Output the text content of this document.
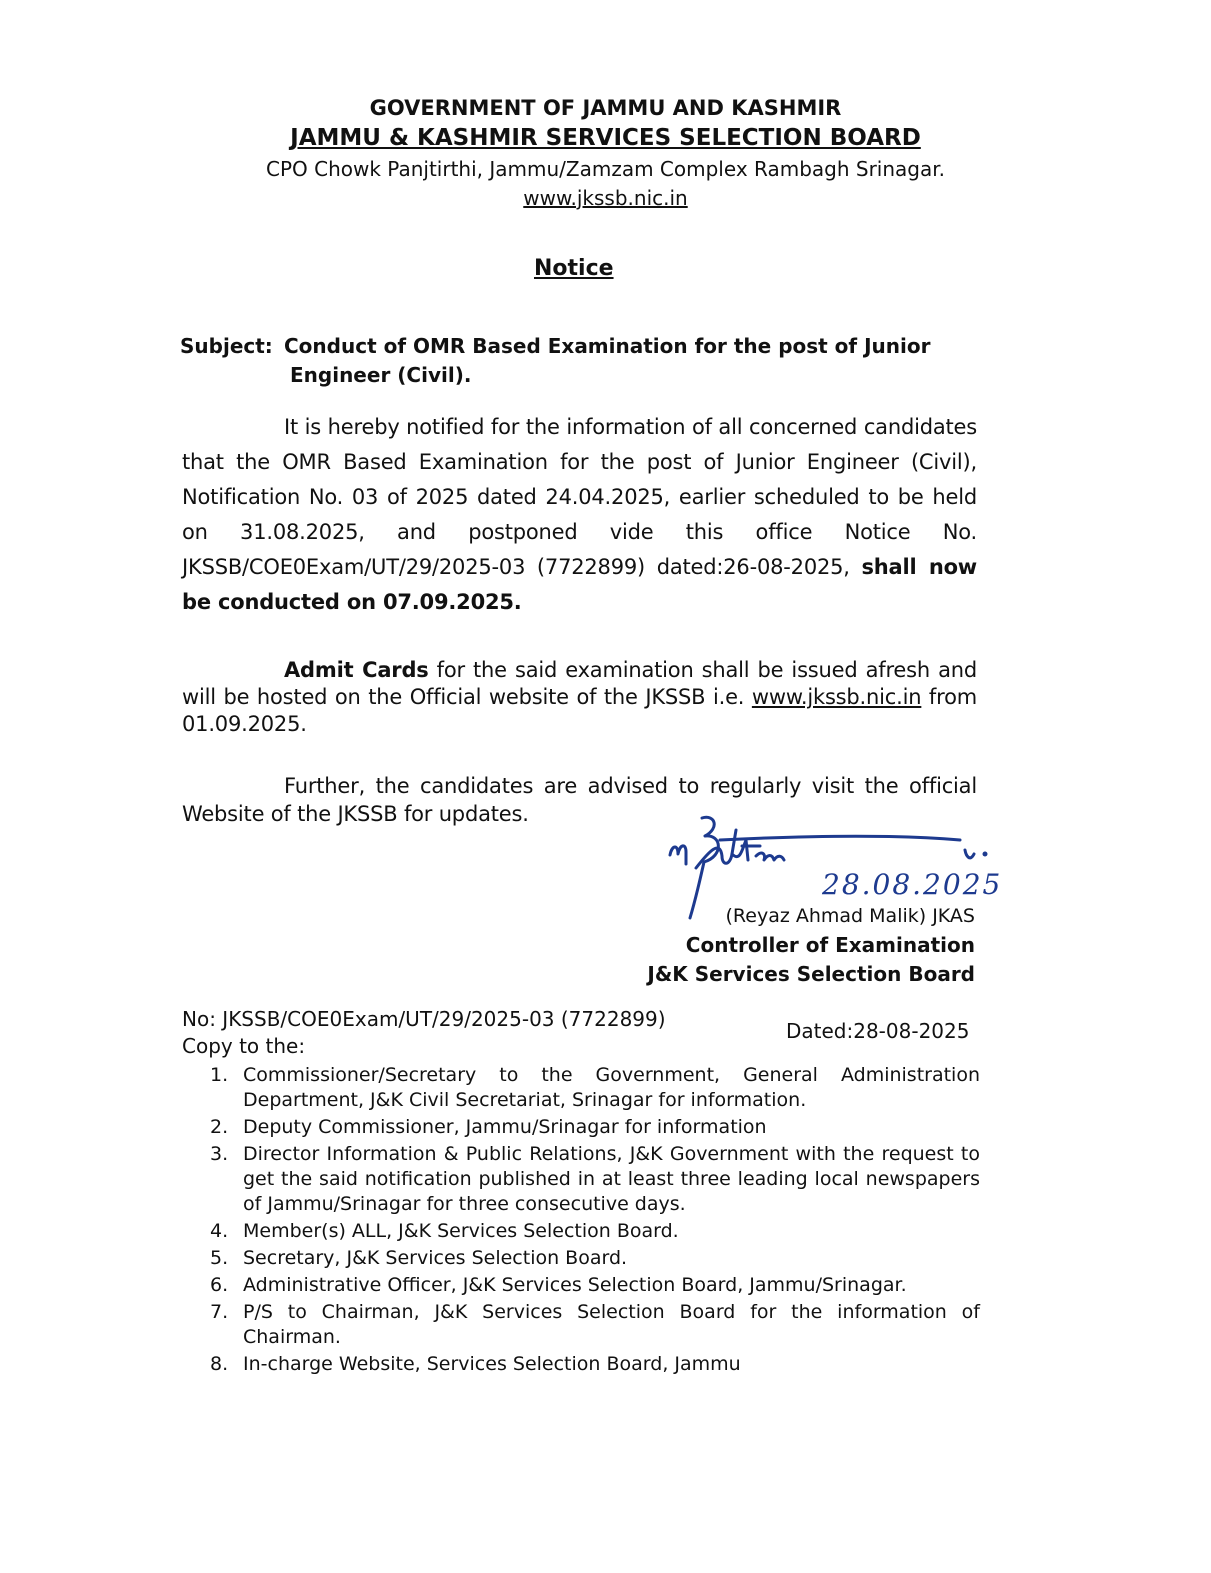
GOVERNMENT OF JAMMU AND KASHMIR
JAMMU & KASHMIR SERVICES SELECTION BOARD
CPO Chowk Panjtirthi, Jammu/Zamzam Complex Rambagh Srinagar.
www.jkssb.nic.in
Notice
Subject: Conduct of OMR Based Examination for the post of Junior
Engineer (Civil).
It is hereby notified for the information of all concerned candidates that the OMR Based Examination for the post of Junior Engineer (Civil), Notification No. 03 of 2025 dated 24.04.2025, earlier scheduled to be held on 31.08.2025, and postponed vide this office Notice No. JKSSB/COE0Exam/UT/29/2025-03 (7722899) dated:26-08-2025, shall now be conducted on 07.09.2025.
Admit Cards for the said examination shall be issued afresh and will be hosted on the Official website of the JKSSB i.e. www.jkssb.nic.in from 01.09.2025.
Further, the candidates are advised to regularly visit the official Website of the JKSSB for updates.
28.08.2025
(Reyaz Ahmad Malik) JKAS
Controller of Examination
J&K Services Selection Board
No: JKSSB/COE0Exam/UT/29/2025-03 (7722899)	Dated:28-08-2025
Copy to the:
1. Commissioner/Secretary to the Government, General Administration Department, J&K Civil Secretariat, Srinagar for information.
2. Deputy Commissioner, Jammu/Srinagar for information
3. Director Information & Public Relations, J&K Government with the request to get the said notification published in at least three leading local newspapers of Jammu/Srinagar for three consecutive days.
4. Member(s) ALL, J&K Services Selection Board.
5. Secretary, J&K Services Selection Board.
6. Administrative Officer, J&K Services Selection Board, Jammu/Srinagar.
7. P/S to Chairman, J&K Services Selection Board for the information of Chairman.
8. In-charge Website, Services Selection Board, Jammu
